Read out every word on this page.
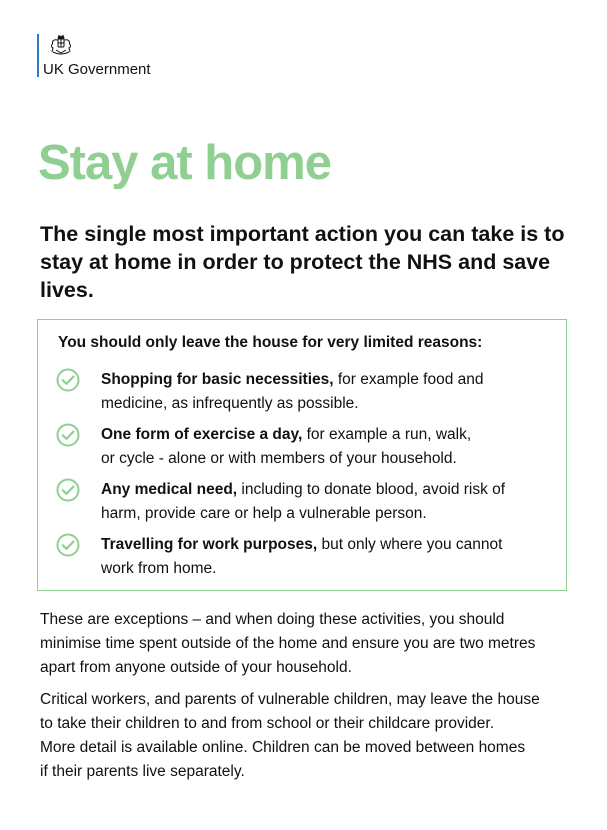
UK Government
Stay at home

The single most important action you can take is to stay at home in order to protect the NHS and save lives.

You should only leave the house for very limited reasons:
Shopping for basic necessities, for example food and
medicine, as infrequently as possible.
One form of exercise a day, for example a run, walk,
or cycle - alone or with members of your household.
Any medical need, including to donate blood, avoid risk of
harm, provide care or help a vulnerable person.
Travelling for work purposes, but only where you cannot
work from home.
These are exceptions – and when doing these activities, you should
minimise time spent outside of the home and ensure you are two metres
apart from anyone outside of your household.
Critical workers, and parents of vulnerable children, may leave the house
to take their children to and from school or their childcare provider.
More detail is available online. Children can be moved between homes
if their parents live separately.
